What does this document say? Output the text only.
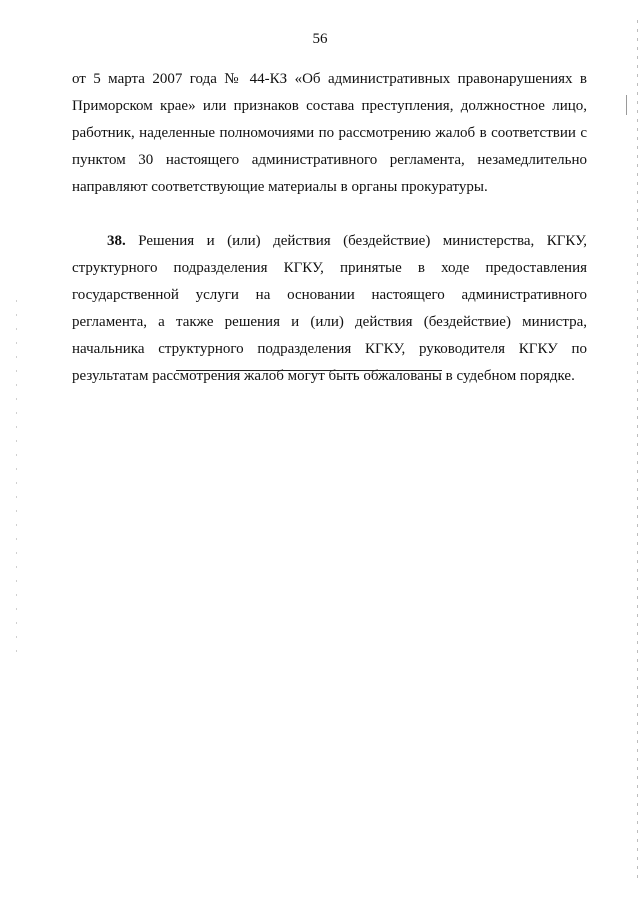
56

от 5 марта 2007 года № 44-КЗ «Об административных правонарушениях в Приморском крае» или признаков состава преступления, должностное лицо, работник, наделенные полномочиями по рассмотрению жалоб в соответствии с пунктом 30 настоящего административного регламента, незамедлительно направляют соответствующие материалы в органы прокуратуры.

38. Решения и (или) действия (бездействие) министерства, КГКУ, структурного подразделения КГКУ, принятые в ходе предоставления государственной услуги на основании настоящего административного регламента, а также решения и (или) действия (бездействие) министра, начальника структурного подразделения КГКУ, руководителя КГКУ по результатам рассмотрения жалоб могут быть обжалованы в судебном порядке.
